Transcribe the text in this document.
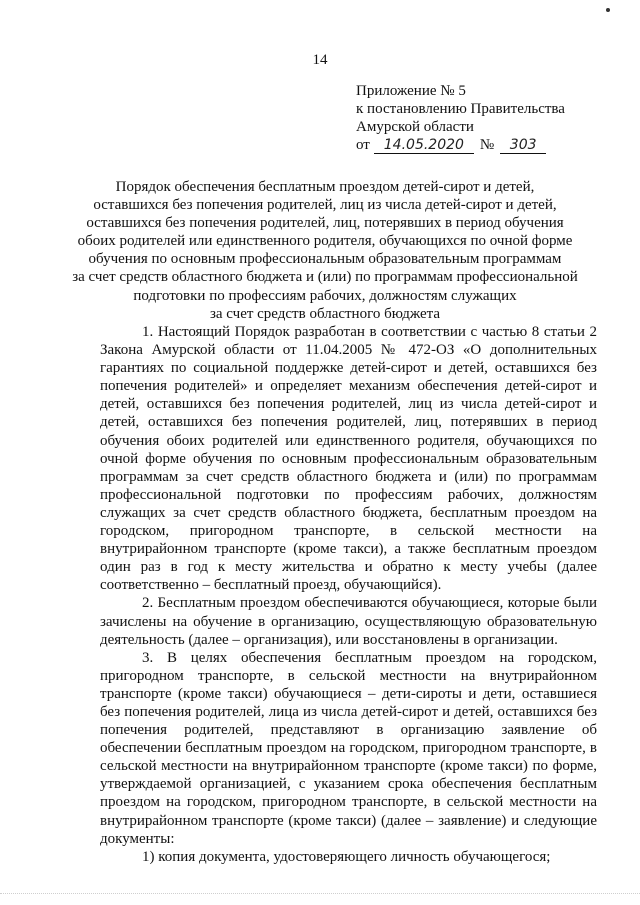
14
Приложение № 5
к постановлению Правительства
Амурской области
от 14.05.2020	№	303
Порядок обеспечения бесплатным проездом детей-сирот и детей,
оставшихся без попечения родителей, лиц из числа детей-сирот и детей,
оставшихся без попечения родителей, лиц, потерявших в период обучения
обоих родителей или единственного родителя, обучающихся по очной форме
обучения по основным профессиональным образовательным программам
за счет средств областного бюджета и (или) по программам профессиональной
подготовки по профессиям рабочих, должностям служащих
за счет средств областного бюджета

1. Настоящий Порядок разработан в соответствии с частью 8 статьи 2 Закона Амурской области от 11.04.2005 № 472-ОЗ «О дополнительных гарантиях по социальной поддержке детей-сирот и детей, оставшихся без попечения родителей» и определяет механизм обеспечения детей-сирот и детей, оставшихся без попечения родителей, лиц из числа детей-сирот и детей, оставшихся без попечения родителей, лиц, потерявших в период обучения обоих родителей или единственного родителя, обучающихся по очной форме обучения по основным профессиональным образовательным программам за счет средств областного бюджета и (или) по программам профессиональной подготовки по профессиям рабочих, должностям служащих за счет средств областного бюджета, бесплатным проездом на городском, пригородном транспорте, в сельской местности на внутрирайонном транспорте (кроме такси), а также бесплатным проездом один раз в год к месту жительства и обратно к месту учебы (далее соответственно – бесплатный проезд, обучающийся).

2. Бесплатным проездом обеспечиваются обучающиеся, которые были зачислены на обучение в организацию, осуществляющую образовательную деятельность (далее – организация), или восстановлены в организации.

3. В целях обеспечения бесплатным проездом на городском, пригородном транспорте, в сельской местности на внутрирайонном транспорте (кроме такси) обучающиеся – дети-сироты и дети, оставшиеся без попечения родителей, лица из числа детей-сирот и детей, оставшихся без попечения родителей, представляют в организацию заявление об обеспечении бесплатным проездом на городском, пригородном транспорте, в сельской местности на внутрирайонном транспорте (кроме такси) по форме, утверждаемой организацией, с указанием срока обеспечения бесплатным проездом на городском, пригородном транспорте, в сельской местности на внутрирайонном транспорте (кроме такси) (далее – заявление) и следующие документы:

1) копия документа, удостоверяющего личность обучающегося;
